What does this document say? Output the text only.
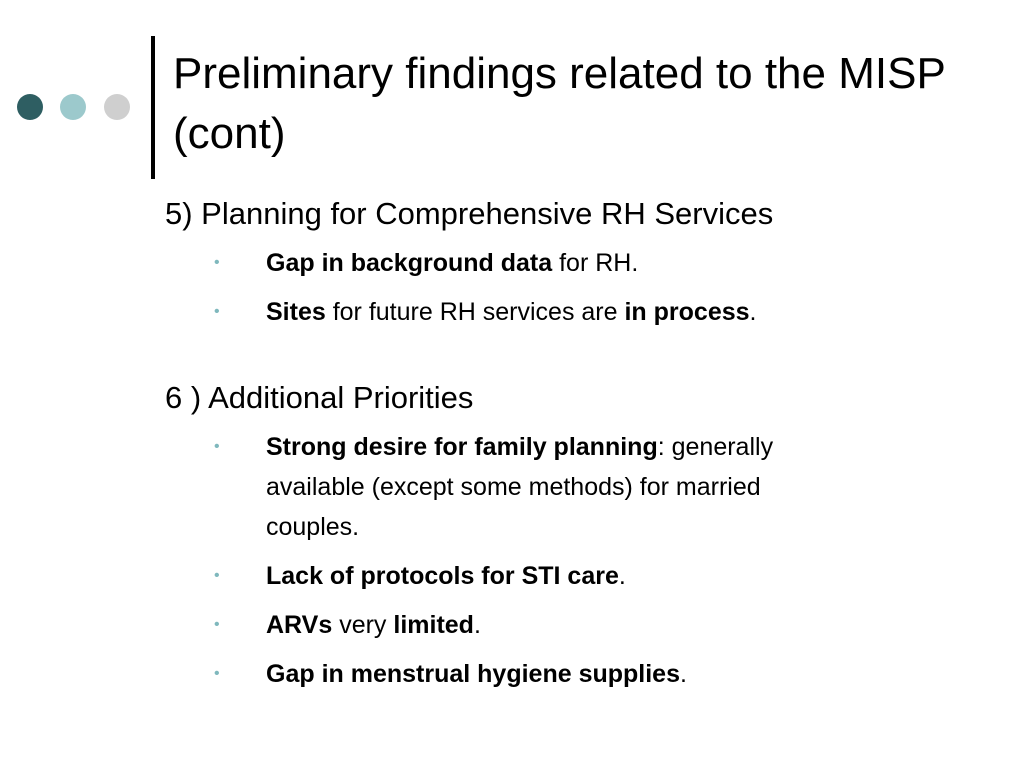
Preliminary findings related to the MISP (cont)
5) Planning for Comprehensive RH Services
• Gap in background data for RH.
• Sites for future RH services are in process.
6 ) Additional Priorities
• Strong desire for family planning: generally available (except some methods) for married couples.
• Lack of protocols for STI care.
• ARVs very limited.
• Gap in menstrual hygiene supplies.
